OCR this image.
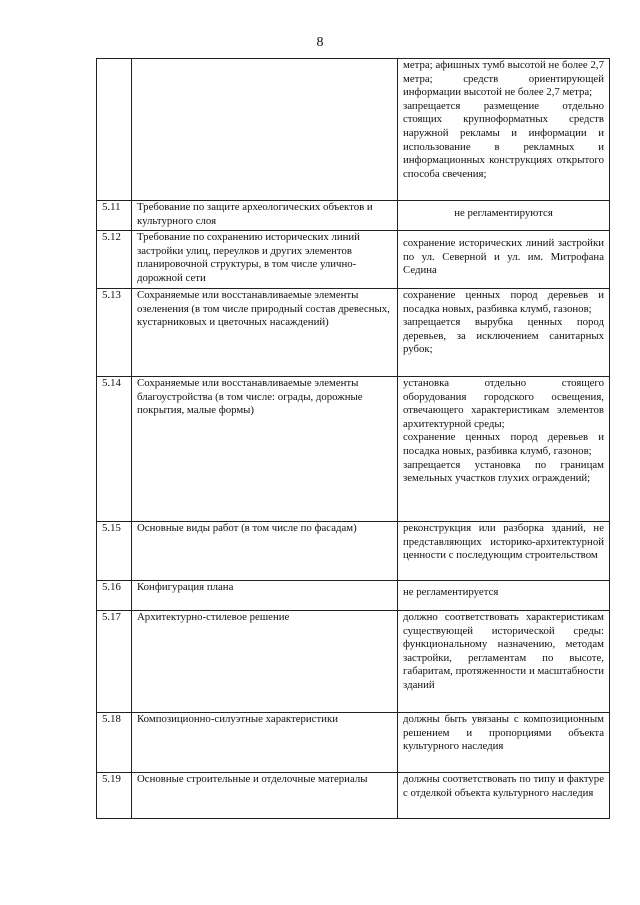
8
		метра; афишных тумб высотой не более 2,7 метра; средств ориентирующей информации высотой не более 2,7 метра;
запрещается размещение отдельно стоящих крупноформатных средств наружной рекламы и информации и использование в рекламных и информационных конструкциях открытого способа свечения;
5.11	Требование по защите археологических объектов и культурного слоя	не регламентируются

5.12	Требование по сохранению исторических линий застройки улиц, переулков и других элементов планировочной структуры, в том числе улично-дорожной сети	сохранение исторических линий застройки по ул. Северной и ул. им. Митрофана Седина

5.13	Сохраняемые или восстанавливаемые элементы озеленения (в том числе природный состав древесных, кустарниковых и цветочных насаждений)	сохранение ценных пород деревьев и посадка новых, разбивка клумб, газонов;
запрещается вырубка ценных пород деревьев, за исключением санитарных рубок;
5.14	Сохраняемые или восстанавливаемые элементы благоустройства (в том числе: ограды, дорожные покрытия, малые формы)	установка отдельно стоящего оборудования городского освещения, отвечающего характеристикам элементов архитектурной среды;
сохранение ценных пород деревьев и посадка новых, разбивка клумб, газонов;
запрещается установка по границам земельных участков глухих ограждений;
5.15	Основные виды работ (в том числе по фасадам)	реконструкция или разборка зданий, не представляющих историко-архитектурной ценности с последующим строительством
5.16	Конфигурация плана	не регламентируется

5.17	Архитектурно-стилевое решение	должно соответствовать характеристикам существующей исторической среды: функциональному назначению, методам застройки, регламентам по высоте, габаритам, протяженности и масштабности зданий
5.18	Композиционно-силуэтные характеристики	должны быть увязаны с композиционным решением и пропорциями объекта культурного наследия
5.19	Основные строительные и отделочные материалы	должны соответствовать по типу и фактуре с отделкой объекта культурного наследия
